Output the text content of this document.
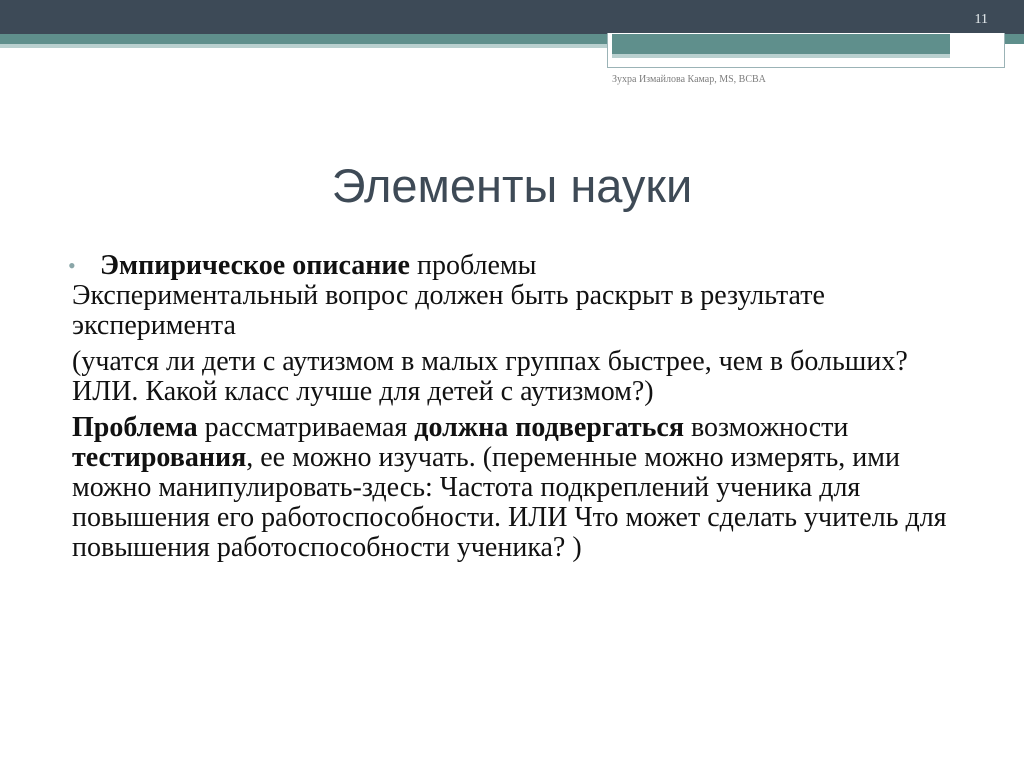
11
Зухра Измайлова Камар, MS, BCBA
Элементы науки

• Эмпирическое описание проблемы

Экспериментальный вопрос должен быть раскрыт в результате эксперимента

(учатся ли дети с аутизмом в малых группах быстрее, чем в больших? ИЛИ. Какой класс лучше для детей с аутизмом?)

Проблема рассматриваемая должна подвергаться возможности тестирования, ее можно изучать. (переменные можно измерять, ими можно манипулировать-здесь: Частота подкреплений ученика для повышения его работоспособности. ИЛИ Что может сделать учитель для повышения работоспособности ученика? )
